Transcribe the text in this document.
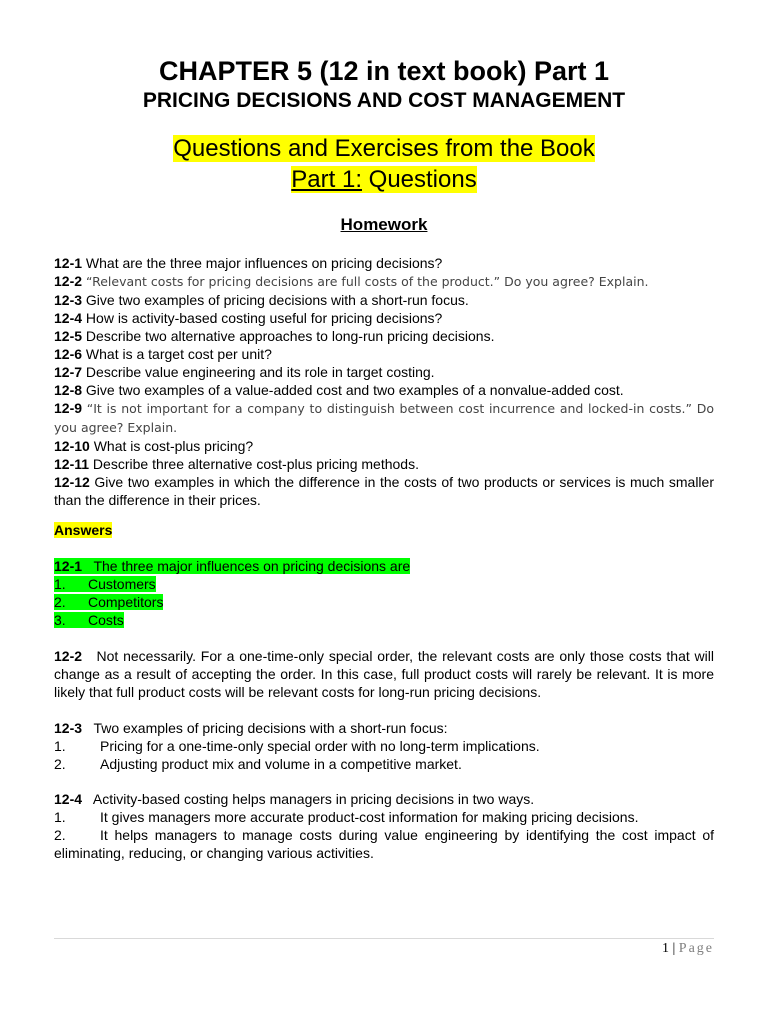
CHAPTER 5 (12 in text book) Part 1
PRICING DECISIONS AND COST MANAGEMENT
Questions and Exercises from the Book
Part 1: Questions
Homework

12-1 What are the three major influences on pricing decisions?

12-2 “Relevant costs for pricing decisions are full costs of the product.” Do you agree? Explain.

12-3 Give two examples of pricing decisions with a short-run focus.

12-4 How is activity-based costing useful for pricing decisions?

12-5 Describe two alternative approaches to long-run pricing decisions.

12-6 What is a target cost per unit?

12-7 Describe value engineering and its role in target costing.

12-8 Give two examples of a value-added cost and two examples of a nonvalue-added cost.

12-9 “It is not important for a company to distinguish between cost incurrence and locked-in costs.” Do you agree? Explain.

12-10 What is cost-plus pricing?

12-11 Describe three alternative cost-plus pricing methods.

12-12 Give two examples in which the difference in the costs of two products or services is much smaller than the difference in their prices.

Answers
12-1   The three major influences on pricing decisions are
1. Customers
2. Competitors
3. Costs
12-2   Not necessarily. For a one-time-only special order, the relevant costs are only those costs that will change as a result of accepting the order. In this case, full product costs will rarely be relevant. It is more likely that full product costs will be relevant costs for long-run pricing decisions.
12-3   Two examples of pricing decisions with a short-run focus:
1. Pricing for a one-time-only special order with no long-term implications.
2. Adjusting product mix and volume in a competitive market.
12-4   Activity-based costing helps managers in pricing decisions in two ways.
1. It gives managers more accurate product-cost information for making pricing decisions.
2. It helps managers to manage costs during value engineering by identifying the cost impact of eliminating, reducing, or changing various activities.
1 | Page
